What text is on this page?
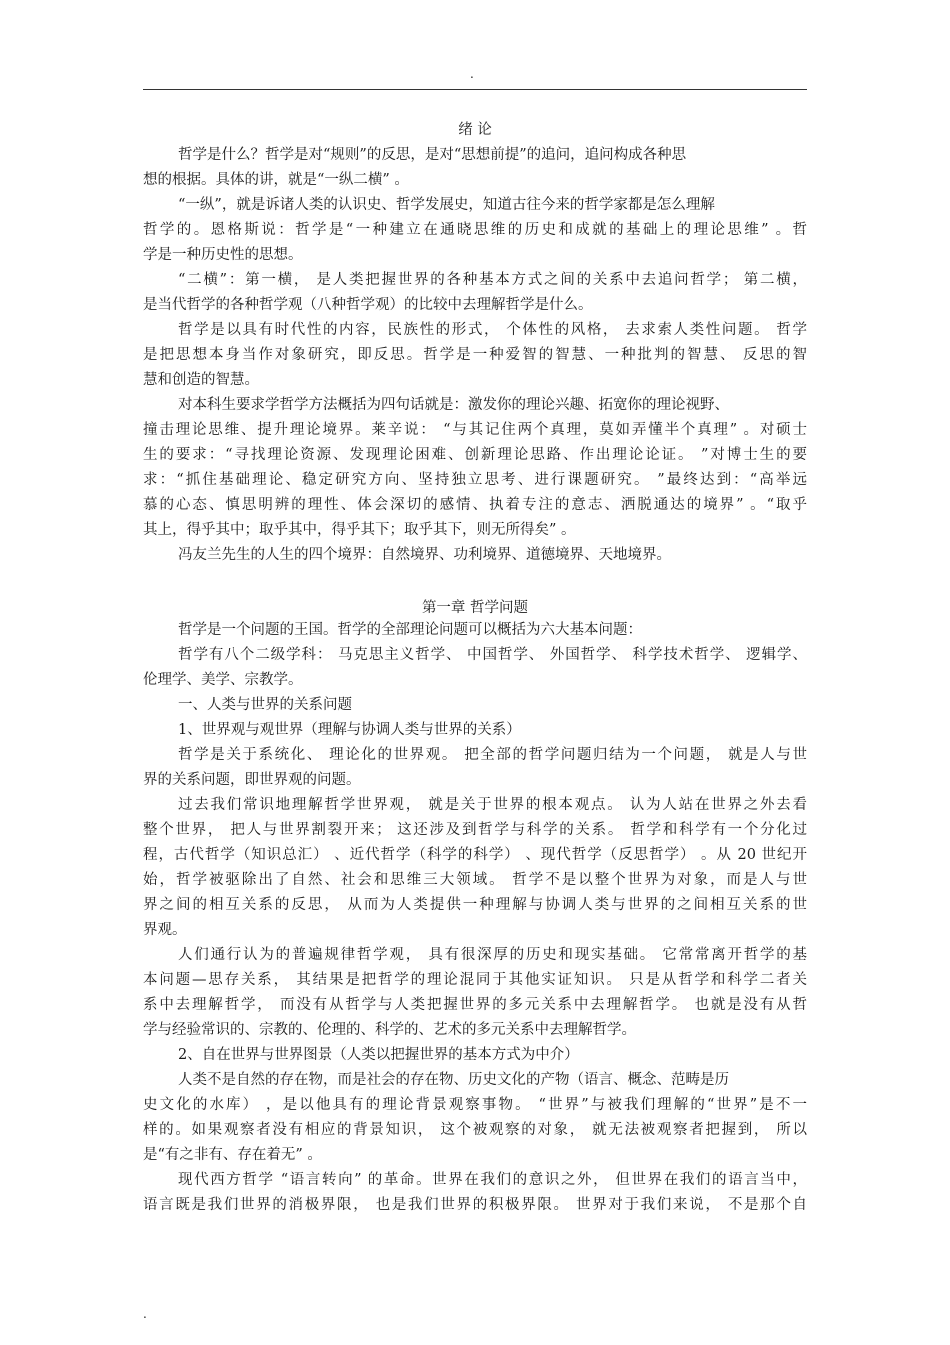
.
绪 论
哲学是什么？哲学是对“规则”的反思，是对“思想前提”的追问，追问构成各种思
想的根据。具体的讲，就是“一纵二横” 。
“一纵”，就是诉诸人类的认识史、哲学发展史，知道古往今来的哲学家都是怎么理解
哲学的。恩格斯说：哲学是“一种建立在通晓思维的历史和成就的基础上的理论思维” 。哲
学是一种历史性的思想。
“二横”：第一横， 是人类把握世界的各种基本方式之间的关系中去追问哲学； 第二横，
是当代哲学的各种哲学观（八种哲学观）的比较中去理解哲学是什么。
哲学是以具有时代性的内容，民族性的形式， 个体性的风格， 去求索人类性问题。 哲学
是把思想本身当作对象研究，即反思。哲学是一种爱智的智慧、一种批判的智慧、 反思的智
慧和创造的智慧。
对本科生要求学哲学方法概括为四句话就是：激发你的理论兴趣、拓宽你的理论视野、
撞击理论思维、提升理论境界。莱辛说： “与其记住两个真理，莫如弄懂半个真理” 。对硕士
生的要求：“寻找理论资源、发现理论困难、创新理论思路、作出理论论证。 ”对博士生的要
求：“抓住基础理论、稳定研究方向、坚持独立思考、进行课题研究。 ”最终达到：“高举远
慕的心态、慎思明辨的理性、体会深切的感情、执着专注的意志、洒脱通达的境界” 。“取乎
其上，得乎其中；取乎其中，得乎其下；取乎其下，则无所得矣” 。
冯友兰先生的人生的四个境界：自然境界、功利境界、道德境界、天地境界。
第一章 哲学问题
哲学是一个问题的王国。哲学的全部理论问题可以概括为六大基本问题：
哲学有八个二级学科： 马克思主义哲学、 中国哲学、 外国哲学、 科学技术哲学、 逻辑学、
伦理学、美学、宗教学。
一、人类与世界的关系问题
1、世界观与观世界（理解与协调人类与世界的关系）
哲学是关于系统化、 理论化的世界观。 把全部的哲学问题归结为一个问题， 就是人与世
界的关系问题，即世界观的问题。
过去我们常识地理解哲学世界观， 就是关于世界的根本观点。 认为人站在世界之外去看
整个世界， 把人与世界割裂开来； 这还涉及到哲学与科学的关系。 哲学和科学有一个分化过
程，古代哲学（知识总汇） 、近代哲学（科学的科学） 、现代哲学（反思哲学） 。从 20 世纪开
始，哲学被驱除出了自然、社会和思维三大领域。 哲学不是以整个世界为对象，而是人与世
界之间的相互关系的反思， 从而为人类提供一种理解与协调人类与世界的之间相互关系的世
界观。
人们通行认为的普遍规律哲学观， 具有很深厚的历史和现实基础。 它常常离开哲学的基
本问题—思存关系， 其结果是把哲学的理论混同于其他实证知识。 只是从哲学和科学二者关
系中去理解哲学， 而没有从哲学与人类把握世界的多元关系中去理解哲学。 也就是没有从哲
学与经验常识的、宗教的、伦理的、科学的、艺术的多元关系中去理解哲学。
2、自在世界与世界图景（人类以把握世界的基本方式为中介）
人类不是自然的存在物，而是社会的存在物、历史文化的产物（语言、概念、范畴是历
史文化的水库） ，是以他具有的理论背景观察事物。 “世界”与被我们理解的“世界”是不一
样的。如果观察者没有相应的背景知识， 这个被观察的对象， 就无法被观察者把握到， 所以
是“有之非有、存在着无” 。
现代西方哲学 “语言转向” 的革命。世界在我们的意识之外， 但世界在我们的语言当中，
语言既是我们世界的消极界限， 也是我们世界的积极界限。 世界对于我们来说， 不是那个自
.
